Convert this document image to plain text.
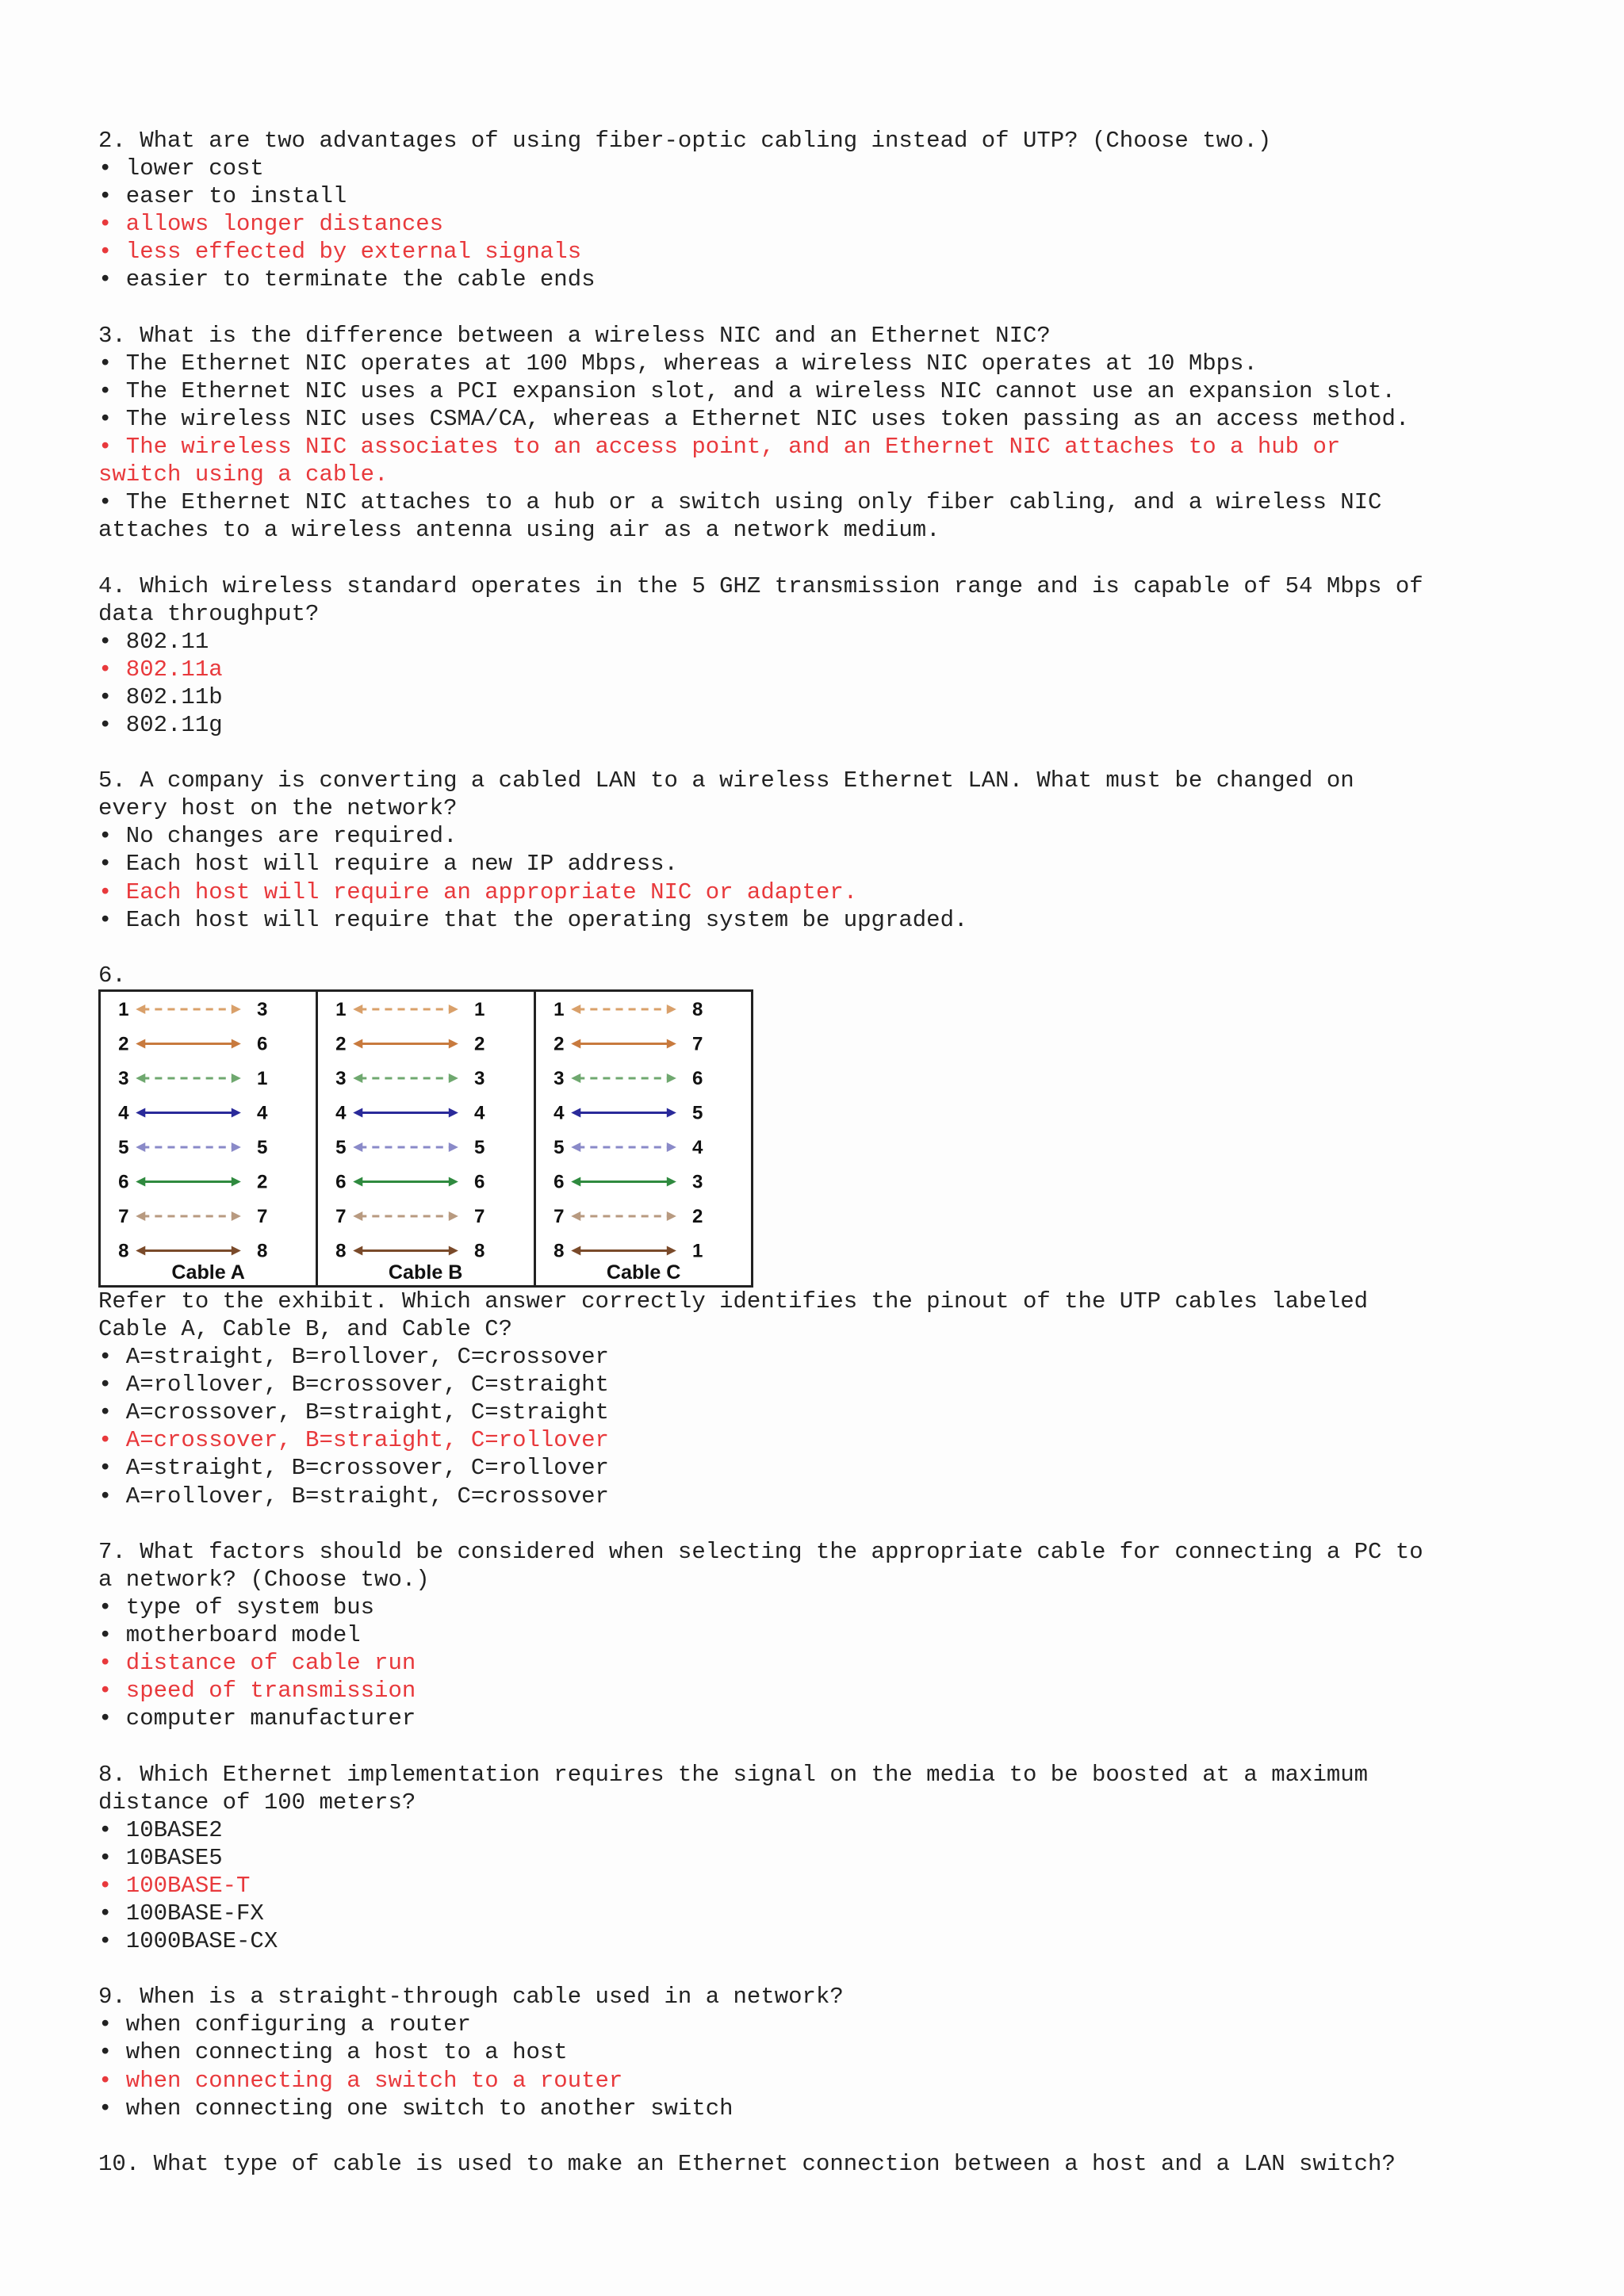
2. What are two advantages of using fiber-optic cabling instead of UTP? (Choose two.)
• lower cost
• easer to install
• allows longer distances
• less effected by external signals
• easier to terminate the cable ends
3. What is the difference between a wireless NIC and an Ethernet NIC?
• The Ethernet NIC operates at 100 Mbps, whereas a wireless NIC operates at 10 Mbps.
• The Ethernet NIC uses a PCI expansion slot, and a wireless NIC cannot use an expansion slot.
• The wireless NIC uses CSMA/CA, whereas a Ethernet NIC uses token passing as an access method.
• The wireless NIC associates to an access point, and an Ethernet NIC attaches to a hub or
switch using a cable.
• The Ethernet NIC attaches to a hub or a switch using only fiber cabling, and a wireless NIC
attaches to a wireless antenna using air as a network medium.
4. Which wireless standard operates in the 5 GHZ transmission range and is capable of 54 Mbps of
data throughput?
• 802.11
• 802.11a
• 802.11b
• 802.11g
5. A company is converting a cabled LAN to a wireless Ethernet LAN. What must be changed on
every host on the network?
• No changes are required.
• Each host will require a new IP address.
• Each host will require an appropriate NIC or adapter.
• Each host will require that the operating system be upgraded.
6.
1	3
2	6
3	1
4	4
5	5
6	2
7	7
8	8
Cable A
1	1
2	2
3	3
4	4
5	5
6	6
7	7
8	8
Cable B
1	8
2	7
3	6
4	5
5	4
6	3
7	2
8	1
Cable C
Refer to the exhibit. Which answer correctly identifies the pinout of the UTP cables labeled
Cable A, Cable B, and Cable C?
• A=straight, B=rollover, C=crossover
• A=rollover, B=crossover, C=straight
• A=crossover, B=straight, C=straight
• A=crossover, B=straight, C=rollover
• A=straight, B=crossover, C=rollover
• A=rollover, B=straight, C=crossover
7. What factors should be considered when selecting the appropriate cable for connecting a PC to
a network? (Choose two.)
• type of system bus
• motherboard model
• distance of cable run
• speed of transmission
• computer manufacturer
8. Which Ethernet implementation requires the signal on the media to be boosted at a maximum
distance of 100 meters?
• 10BASE2
• 10BASE5
• 100BASE-T
• 100BASE-FX
• 1000BASE-CX
9. When is a straight-through cable used in a network?
• when configuring a router
• when connecting a host to a host
• when connecting a switch to a router
• when connecting one switch to another switch
10. What type of cable is used to make an Ethernet connection between a host and a LAN switch?
